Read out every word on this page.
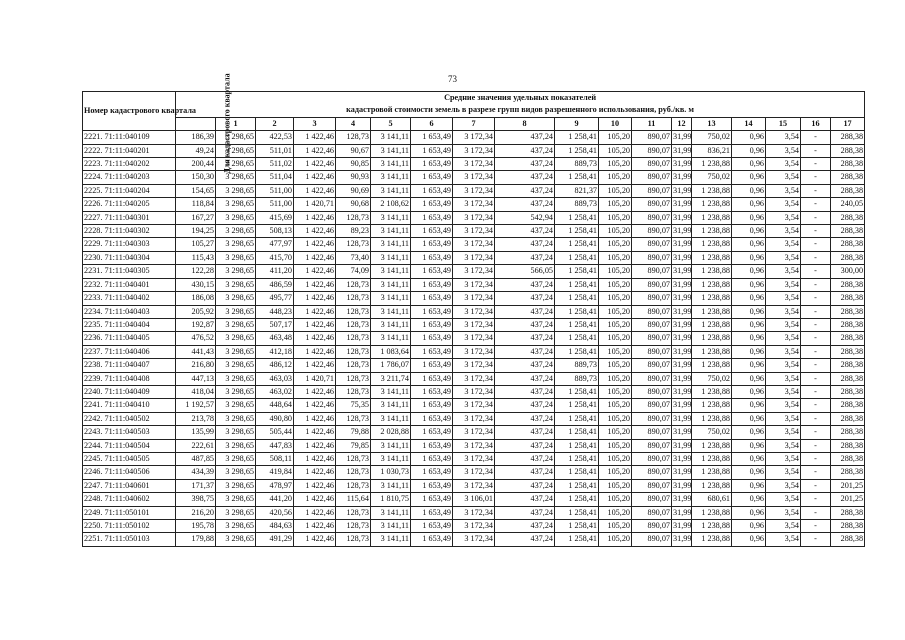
73
Номер кадастрового квартала	Средние значения удельных показателей
кадастровой стоимости земель в разрезе групп видов разрешенного использования, руб./кв. м																	

	Для кадастрового квартала	1	2	3	4	5	6	7	8	9	10	11	12	13	14	15	16	17
2221. 71:11:040109	186,39	3 298,65	422,53	1 422,46	128,73	3 141,11	1 653,49	3 172,34	437,24	1 258,41	105,20	890,07	31,99	750,02	0,96	3,54	-	288,38
2222. 71:11:040201	49,24	3 298,65	511,01	1 422,46	90,67	3 141,11	1 653,49	3 172,34	437,24	1 258,41	105,20	890,07	31,99	836,21	0,96	3,54	-	288,38
2223. 71:11:040202	200,44	3 298,65	511,02	1 422,46	90,85	3 141,11	1 653,49	3 172,34	437,24	889,73	105,20	890,07	31,99	1 238,88	0,96	3,54	-	288,38
2224. 71:11:040203	150,30	3 298,65	511,04	1 422,46	90,93	3 141,11	1 653,49	3 172,34	437,24	1 258,41	105,20	890,07	31,99	750,02	0,96	3,54	-	288,38
2225. 71:11:040204	154,65	3 298,65	511,00	1 422,46	90,69	3 141,11	1 653,49	3 172,34	437,24	821,37	105,20	890,07	31,99	1 238,88	0,96	3,54	-	288,38
2226. 71:11:040205	118,84	3 298,65	511,00	1 420,71	90,68	2 108,62	1 653,49	3 172,34	437,24	889,73	105,20	890,07	31,99	1 238,88	0,96	3,54	-	240,05
2227. 71:11:040301	167,27	3 298,65	415,69	1 422,46	128,73	3 141,11	1 653,49	3 172,34	542,94	1 258,41	105,20	890,07	31,99	1 238,88	0,96	3,54	-	288,38
2228. 71:11:040302	194,25	3 298,65	508,13	1 422,46	89,23	3 141,11	1 653,49	3 172,34	437,24	1 258,41	105,20	890,07	31,99	1 238,88	0,96	3,54	-	288,38
2229. 71:11:040303	105,27	3 298,65	477,97	1 422,46	128,73	3 141,11	1 653,49	3 172,34	437,24	1 258,41	105,20	890,07	31,99	1 238,88	0,96	3,54	-	288,38
2230. 71:11:040304	115,43	3 298,65	415,70	1 422,46	73,40	3 141,11	1 653,49	3 172,34	437,24	1 258,41	105,20	890,07	31,99	1 238,88	0,96	3,54	-	288,38
2231. 71:11:040305	122,28	3 298,65	411,20	1 422,46	74,09	3 141,11	1 653,49	3 172,34	566,05	1 258,41	105,20	890,07	31,99	1 238,88	0,96	3,54	-	300,00
2232. 71:11:040401	430,15	3 298,65	486,59	1 422,46	128,73	3 141,11	1 653,49	3 172,34	437,24	1 258,41	105,20	890,07	31,99	1 238,88	0,96	3,54	-	288,38
2233. 71:11:040402	186,08	3 298,65	495,77	1 422,46	128,73	3 141,11	1 653,49	3 172,34	437,24	1 258,41	105,20	890,07	31,99	1 238,88	0,96	3,54	-	288,38
2234. 71:11:040403	205,92	3 298,65	448,23	1 422,46	128,73	3 141,11	1 653,49	3 172,34	437,24	1 258,41	105,20	890,07	31,99	1 238,88	0,96	3,54	-	288,38
2235. 71:11:040404	192,87	3 298,65	507,17	1 422,46	128,73	3 141,11	1 653,49	3 172,34	437,24	1 258,41	105,20	890,07	31,99	1 238,88	0,96	3,54	-	288,38
2236. 71:11:040405	476,52	3 298,65	463,48	1 422,46	128,73	3 141,11	1 653,49	3 172,34	437,24	1 258,41	105,20	890,07	31,99	1 238,88	0,96	3,54	-	288,38
2237. 71:11:040406	441,43	3 298,65	412,18	1 422,46	128,73	1 083,64	1 653,49	3 172,34	437,24	1 258,41	105,20	890,07	31,99	1 238,88	0,96	3,54	-	288,38
2238. 71:11:040407	216,80	3 298,65	486,12	1 422,46	128,73	1 786,07	1 653,49	3 172,34	437,24	889,73	105,20	890,07	31,99	1 238,88	0,96	3,54	-	288,38
2239. 71:11:040408	447,13	3 298,65	463,03	1 420,71	128,73	3 211,74	1 653,49	3 172,34	437,24	889,73	105,20	890,07	31,99	750,02	0,96	3,54	-	288,38
2240. 71:11:040409	418,04	3 298,65	463,02	1 422,46	128,73	3 141,11	1 653,49	3 172,34	437,24	1 258,41	105,20	890,07	31,99	1 238,88	0,96	3,54	-	288,38
2241. 71:11:040410	1 192,57	3 298,65	448,64	1 422,46	75,35	3 141,11	1 653,49	3 172,34	437,24	1 258,41	105,20	890,07	31,99	1 238,88	0,96	3,54	-	288,38
2242. 71:11:040502	213,78	3 298,65	490,80	1 422,46	128,73	3 141,11	1 653,49	3 172,34	437,24	1 258,41	105,20	890,07	31,99	1 238,88	0,96	3,54	-	288,38
2243. 71:11:040503	135,99	3 298,65	505,44	1 422,46	79,88	2 028,88	1 653,49	3 172,34	437,24	1 258,41	105,20	890,07	31,99	750,02	0,96	3,54	-	288,38
2244. 71:11:040504	222,61	3 298,65	447,83	1 422,46	79,85	3 141,11	1 653,49	3 172,34	437,24	1 258,41	105,20	890,07	31,99	1 238,88	0,96	3,54	-	288,38
2245. 71:11:040505	487,85	3 298,65	508,11	1 422,46	128,73	3 141,11	1 653,49	3 172,34	437,24	1 258,41	105,20	890,07	31,99	1 238,88	0,96	3,54	-	288,38
2246. 71:11:040506	434,39	3 298,65	419,84	1 422,46	128,73	1 030,73	1 653,49	3 172,34	437,24	1 258,41	105,20	890,07	31,99	1 238,88	0,96	3,54	-	288,38
2247. 71:11:040601	171,37	3 298,65	478,97	1 422,46	128,73	3 141,11	1 653,49	3 172,34	437,24	1 258,41	105,20	890,07	31,99	1 238,88	0,96	3,54	-	201,25
2248. 71:11:040602	398,75	3 298,65	441,20	1 422,46	115,64	1 810,75	1 653,49	3 106,01	437,24	1 258,41	105,20	890,07	31,99	680,61	0,96	3,54	-	201,25
2249. 71:11:050101	216,20	3 298,65	420,56	1 422,46	128,73	3 141,11	1 653,49	3 172,34	437,24	1 258,41	105,20	890,07	31,99	1 238,88	0,96	3,54	-	288,38
2250. 71:11:050102	195,78	3 298,65	484,63	1 422,46	128,73	3 141,11	1 653,49	3 172,34	437,24	1 258,41	105,20	890,07	31,99	1 238,88	0,96	3,54	-	288,38
2251. 71:11:050103	179,88	3 298,65	491,29	1 422,46	128,73	3 141,11	1 653,49	3 172,34	437,24	1 258,41	105,20	890,07	31,99	1 238,88	0,96	3,54	-	288,38
